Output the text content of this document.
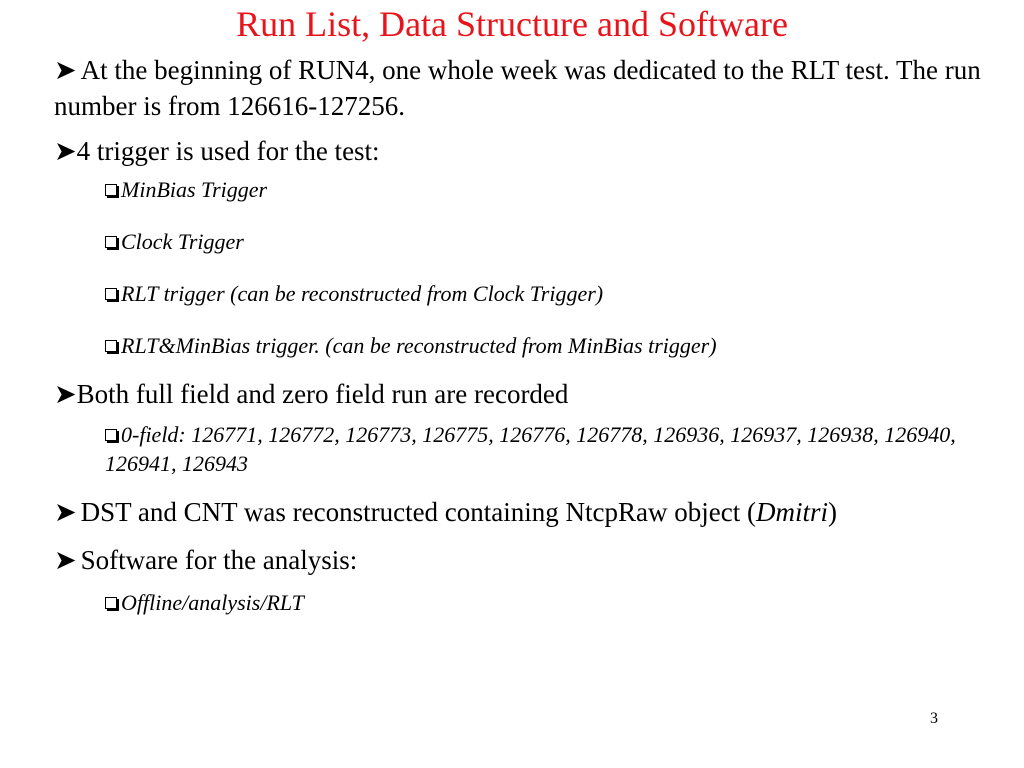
Run List, Data Structure and Software

➤ At the beginning of RUN4, one whole week was dedicated to the RLT test. The run number is from 126616-127256.

➤4 trigger is used for the test:

MinBias Trigger

Clock Trigger

RLT trigger (can be reconstructed from Clock Trigger)

RLT&MinBias trigger. (can be reconstructed from MinBias trigger)

➤Both full field and zero field run are recorded

0-field: 126771, 126772, 126773, 126775, 126776, 126778, 126936, 126937, 126938, 126940, 126941, 126943

➤ DST and CNT was reconstructed containing NtcpRaw object (Dmitri)

➤ Software for the analysis:

Offline/analysis/RLT

3
